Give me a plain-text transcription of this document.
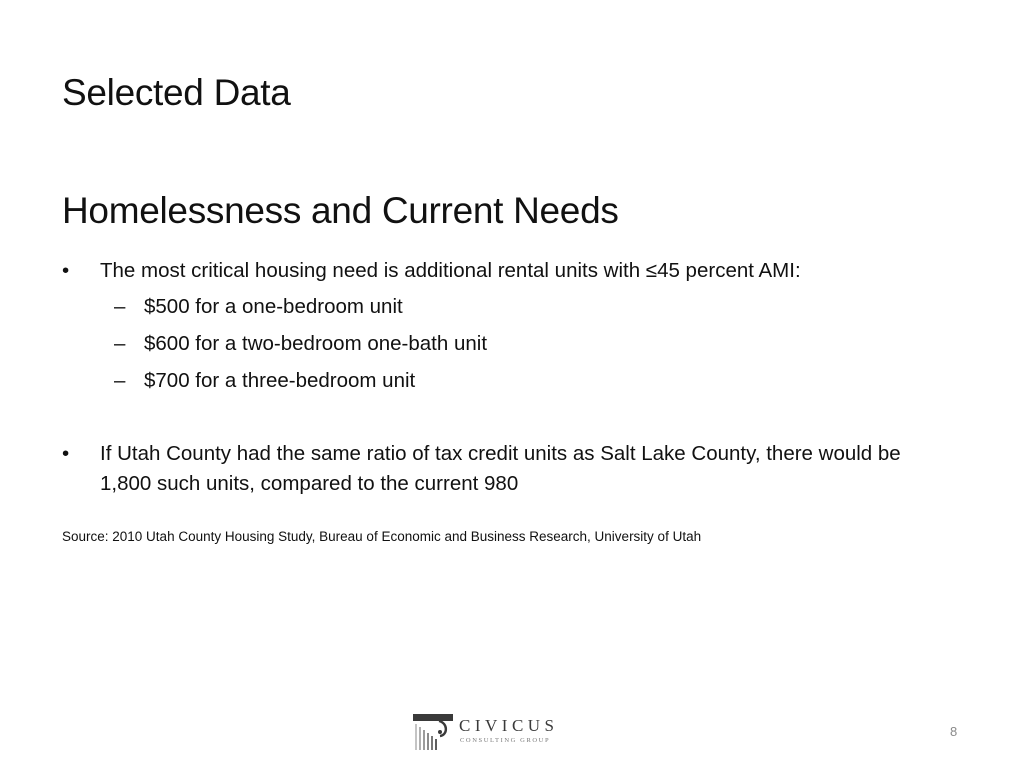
Selected Data
Homelessness and Current Needs
•	The most critical housing need is additional rental units with ≤45 percent AMI:
– $500 for a one-bedroom unit
– $600 for a two-bedroom one-bath unit
– $700 for a three-bedroom unit
•	If Utah County had the same ratio of tax credit units as Salt Lake County, there would be 1,800 such units, compared to the current 980
Source: 2010 Utah County Housing Study, Bureau of Economic and Business Research, University of Utah
CIVICUS
CONSULTING GROUP
8
